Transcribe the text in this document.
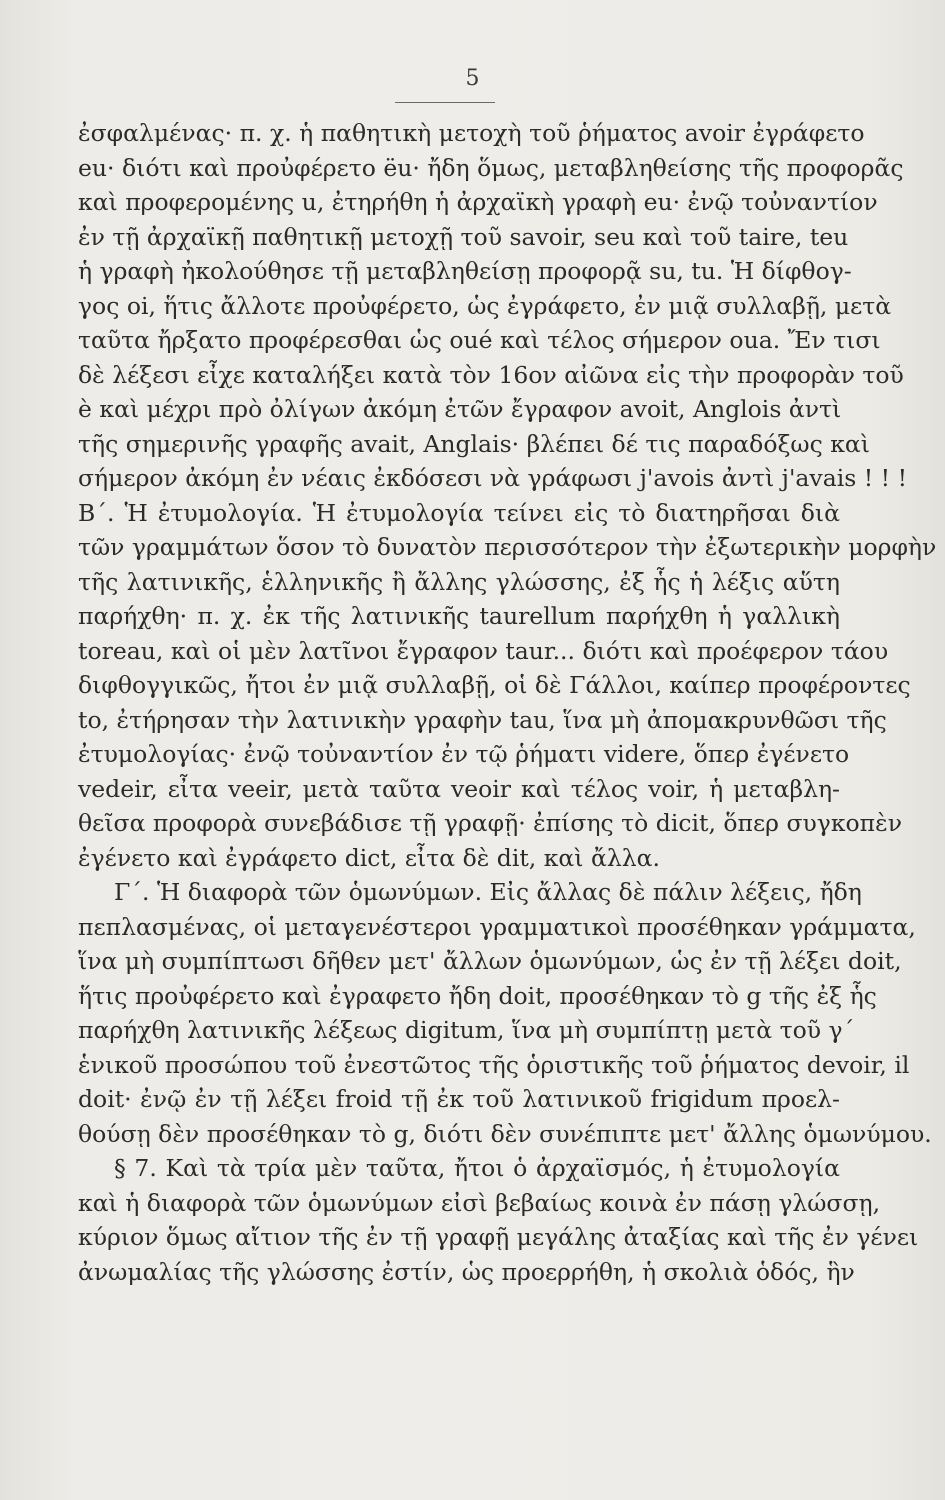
5
ἐσφαλμένας· π. χ. ἡ παθητικὴ μετοχὴ τοῦ ῥήματος avoir ἐγράφετο
eu· διότι καὶ προὐφέρετο ëu· ἤδη ὅμως, μεταβληθείσης τῆς προφορᾶς
καὶ προφερομένης u, ἐτηρήθη ἡ ἀρχαϊκὴ γραφὴ eu· ἐνῷ τοὐναντίον
ἐν τῇ ἀρχαϊκῇ παθητικῇ μετοχῇ τοῦ savoir, seu καὶ τοῦ taire, teu
ἡ γραφὴ ἠκολούθησε τῇ μεταβληθείσῃ προφορᾷ su, tu. Ἡ δίφθογ-
γος oi, ἥτις ἄλλοτε προὐφέρετο, ὡς ἐγράφετο, ἐν μιᾷ συλλαβῇ, μετὰ
ταῦτα ἤρξατο προφέρεσθαι ὡς oué καὶ τέλος σήμερον oua. Ἔν τισι
δὲ λέξεσι εἶχε καταλήξει κατὰ τὸν 16ον αἰῶνα εἰς τὴν προφορὰν τοῦ
è καὶ μέχρι πρὸ ὀλίγων ἀκόμη ἐτῶν ἔγραφον avoit, Anglois ἀντὶ
τῆς σημερινῆς γραφῆς avait, Anglais· βλέπει δέ τις παραδόξως καὶ
σήμερον ἀκόμη ἐν νέαις ἐκδόσεσι νὰ γράφωσι j'avois ἀντὶ j'avais ! ! !
Β΄. Ἡ ἐτυμολογία. Ἡ ἐτυμολογία τείνει εἰς τὸ διατηρῆσαι διὰ
τῶν γραμμάτων ὅσον τὸ δυνατὸν περισσότερον τὴν ἐξωτερικὴν μορφὴν
τῆς λατινικῆς, ἑλληνικῆς ἢ ἄλλης γλώσσης, ἐξ ἧς ἡ λέξις αὕτη
παρήχθη· π. χ. ἐκ τῆς λατινικῆς taurellum παρήχθη ἡ γαλλικὴ
toreau, καὶ οἱ μὲν λατῖνοι ἔγραφον taur... διότι καὶ προέφερον τάου
διφθογγικῶς, ἤτοι ἐν μιᾷ συλλαβῇ, οἱ δὲ Γάλλοι, καίπερ προφέροντες
to, ἐτήρησαν τὴν λατινικὴν γραφὴν tau, ἵνα μὴ ἀπομακρυνθῶσι τῆς
ἐτυμολογίας· ἐνῷ τοὐναντίον ἐν τῷ ῥήματι videre, ὅπερ ἐγένετο
vedeir, εἶτα veeir, μετὰ ταῦτα veoir καὶ τέλος voir, ἡ μεταβλη-
θεῖσα προφορὰ συνεβάδισε τῇ γραφῇ· ἐπίσης τὸ dicit, ὅπερ συγκοπὲν
ἐγένετο καὶ ἐγράφετο dict, εἶτα δὲ dit, καὶ ἄλλα.
Γ΄. Ἡ διαφορὰ τῶν ὁμωνύμων. Εἰς ἄλλας δὲ πάλιν λέξεις, ἤδη
πεπλασμένας, οἱ μεταγενέστεροι γραμματικοὶ προσέθηκαν γράμματα,
ἵνα μὴ συμπίπτωσι δῆθεν μετ' ἄλλων ὁμωνύμων, ὡς ἐν τῇ λέξει doit,
ἥτις προὐφέρετο καὶ ἐγραφετο ἤδη doit, προσέθηκαν τὸ g τῆς ἐξ ἧς
παρήχθη λατινικῆς λέξεως digitum, ἵνα μὴ συμπίπτῃ μετὰ τοῦ γ΄
ἑνικοῦ προσώπου τοῦ ἐνεστῶτος τῆς ὁριστικῆς τοῦ ῥήματος devoir, il
doit· ἐνῷ ἐν τῇ λέξει froid τῇ ἐκ τοῦ λατινικοῦ frigidum προελ-
θούσῃ δὲν προσέθηκαν τὸ g, διότι δὲν συνέπιπτε μετ' ἄλλης ὁμωνύμου.
§ 7. Καὶ τὰ τρία μὲν ταῦτα, ἤτοι ὁ ἀρχαϊσμός, ἡ ἐτυμολογία
καὶ ἡ διαφορὰ τῶν ὁμωνύμων εἰσὶ βεβαίως κοινὰ ἐν πάσῃ γλώσσῃ,
κύριον ὅμως αἴτιον τῆς ἐν τῇ γραφῇ μεγάλης ἀταξίας καὶ τῆς ἐν γένει
ἀνωμαλίας τῆς γλώσσης ἐστίν, ὡς προερρήθη, ἡ σκολιὰ ὁδός, ἣν
